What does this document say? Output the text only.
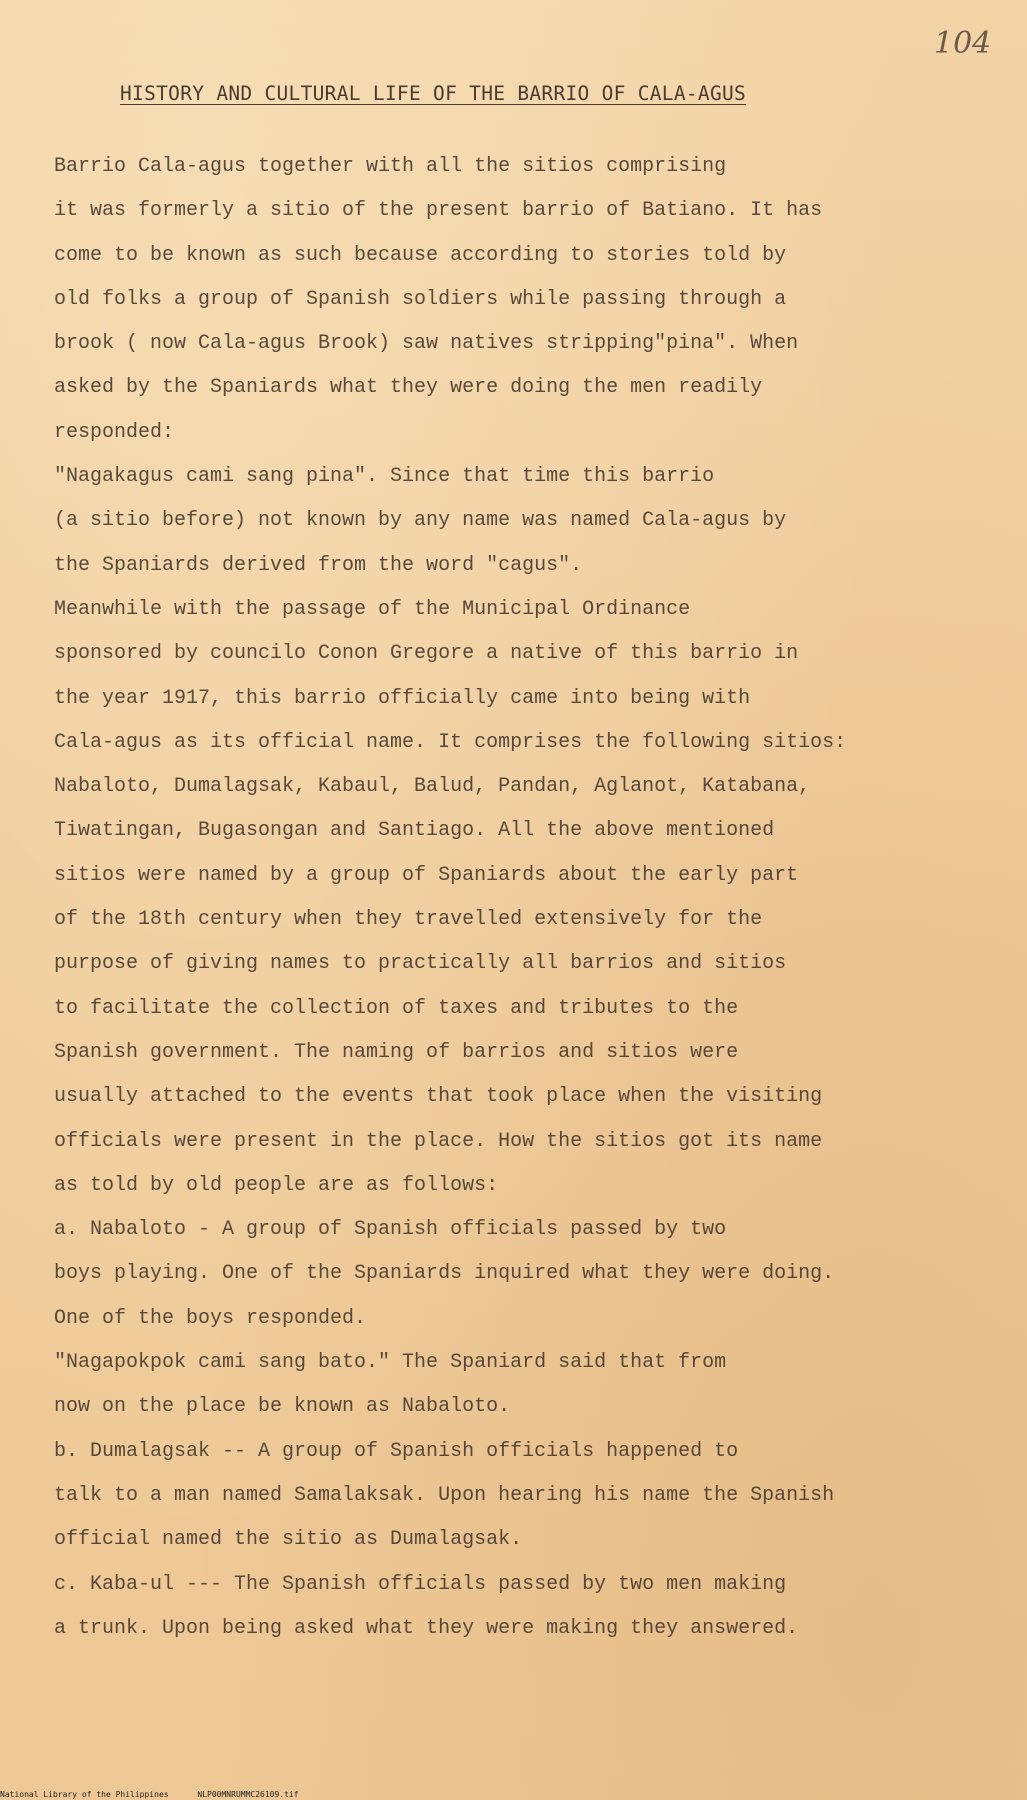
104
HISTORY AND CULTURAL LIFE OF THE BARRIO OF CALA-AGUS
Barrio Cala-agus together with all the sitios comprising
it was formerly a sitio of the present barrio of Batiano. It has
come to be known as such because according to stories told by
old folks a group of Spanish soldiers while passing through a
brook ( now Cala-agus Brook) saw natives stripping"pina". When
asked by the Spaniards what they were doing the men readily
responded:
"Nagakagus cami sang pina". Since that time this barrio
(a sitio before) not known by any name was named Cala-agus by
the Spaniards derived from the word "cagus".
Meanwhile with the passage of the Municipal Ordinance
sponsored by councilo Conon Gregore a native of this barrio in
the year 1917, this barrio officially came into being with
Cala-agus as its official name. It comprises the following sitios:
Nabaloto, Dumalagsak, Kabaul, Balud, Pandan, Aglanot, Katabana,
Tiwatingan, Bugasongan and Santiago. All the above mentioned
sitios were named by a group of Spaniards about the early part
of the 18th century when they travelled extensively for the
purpose of giving names to practically all barrios and sitios
to facilitate the collection of taxes and tributes to the
Spanish government. The naming of barrios and sitios were
usually attached to the events that took place when the visiting
officials were present in the place. How the sitios got its name
as told by old people are as follows:
a. Nabaloto - A group of Spanish officials passed by two
boys playing. One of the Spaniards inquired what they were doing.
One of the boys responded.
"Nagapokpok cami sang bato." The Spaniard said that from
now on the place be known as Nabaloto.
b. Dumalagsak -- A group of Spanish officials happened to
talk to a man named Samalaksak. Upon hearing his name the Spanish
official named the sitio as Dumalagsak.
c. Kaba-ul --- The Spanish officials passed by two men making
a trunk. Upon being asked what they were making they answered.
National Library of the Philippines	NLP00MNRUMMC26109.tif
